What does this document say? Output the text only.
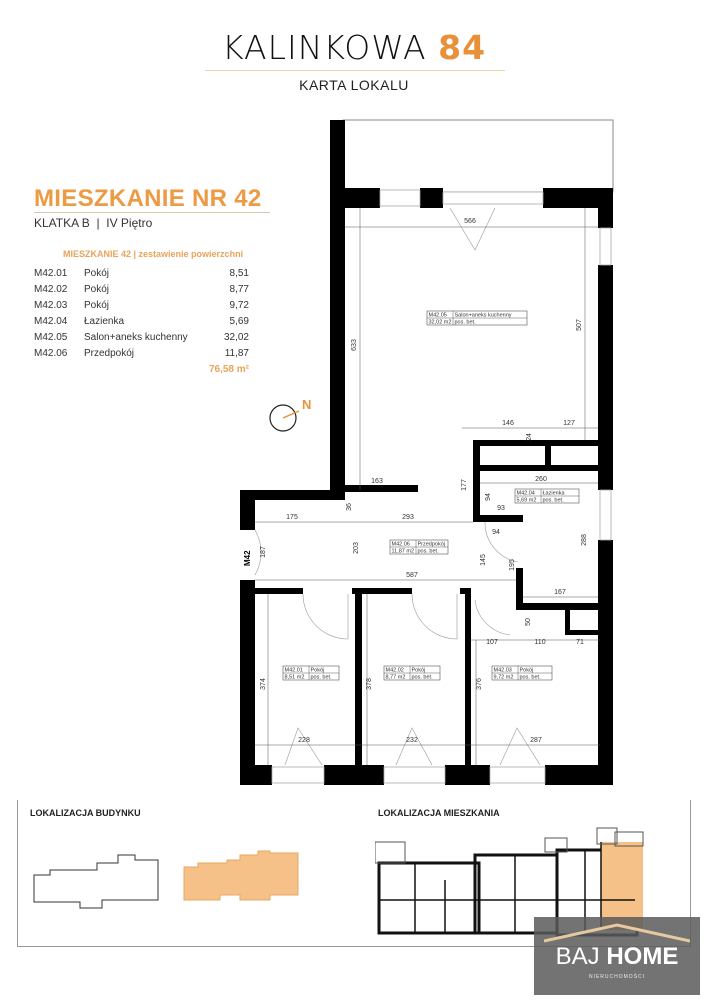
KALINKOWA 84
KARTA LOKALU
MIESZKANIE NR 42
KLATKA B  |  IV Piętro
MIESZKANIE 42 | zestawienie powierzchni
M42.01	Pokój	8,51
M42.02	Pokój	8,77
M42.03	Pokój	9,72
M42.04	Łazienka	5,69
M42.05	Salon+aneks kuchenny	32,02
M42.06	Przedpokój	11,87
76,58 m²
N
566
633
507
146	127
24
260
177
163
36
94
93
175	293
203
187
94
145	195
288
587
167
50
107	110	71
374	378	376
228	232	287
M42.05 Salon+aneks kuchenny
32,02 m2 pos. bet.
M42.04 Łazienka
5,69 m2 pos. bet.
M42.06 Przedpokój
11,87 m2 pos. bet.
M42.01 Pokój
8,51 m2 pos. bet.
M42.02 Pokój
8,77 m2 pos. bet.
M42.03 Pokój
9,72 m2 pos. bet.
M42
LOKALIZACJA BUDYNKU	LOKALIZACJA MIESZKANIA
BAJ HOME
NIERUCHOMOŚCI
